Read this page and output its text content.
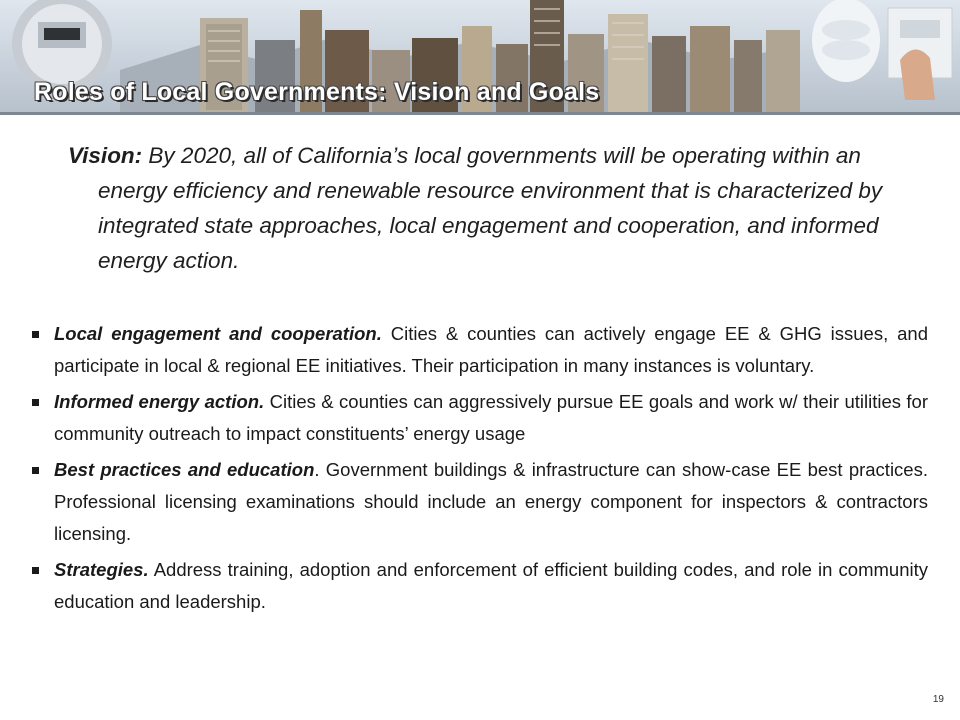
Roles of Local Governments: Vision and Goals
Vision: By 2020, all of California’s local governments will be operating within an energy efficiency and renewable resource environment that is characterized by integrated state approaches, local engagement and cooperation, and informed energy action.
Local engagement and cooperation. Cities & counties can actively engage EE & GHG issues, and participate in local & regional EE initiatives. Their participation in many instances is voluntary.
Informed energy action. Cities & counties can aggressively pursue EE goals and work w/ their utilities for community outreach to impact constituents’ energy usage
Best practices and education. Government buildings & infrastructure can show-case EE best practices. Professional licensing examinations should include an energy component for inspectors & contractors licensing.
Strategies. Address training, adoption and enforcement of efficient building codes, and role in community education and leadership.
19
